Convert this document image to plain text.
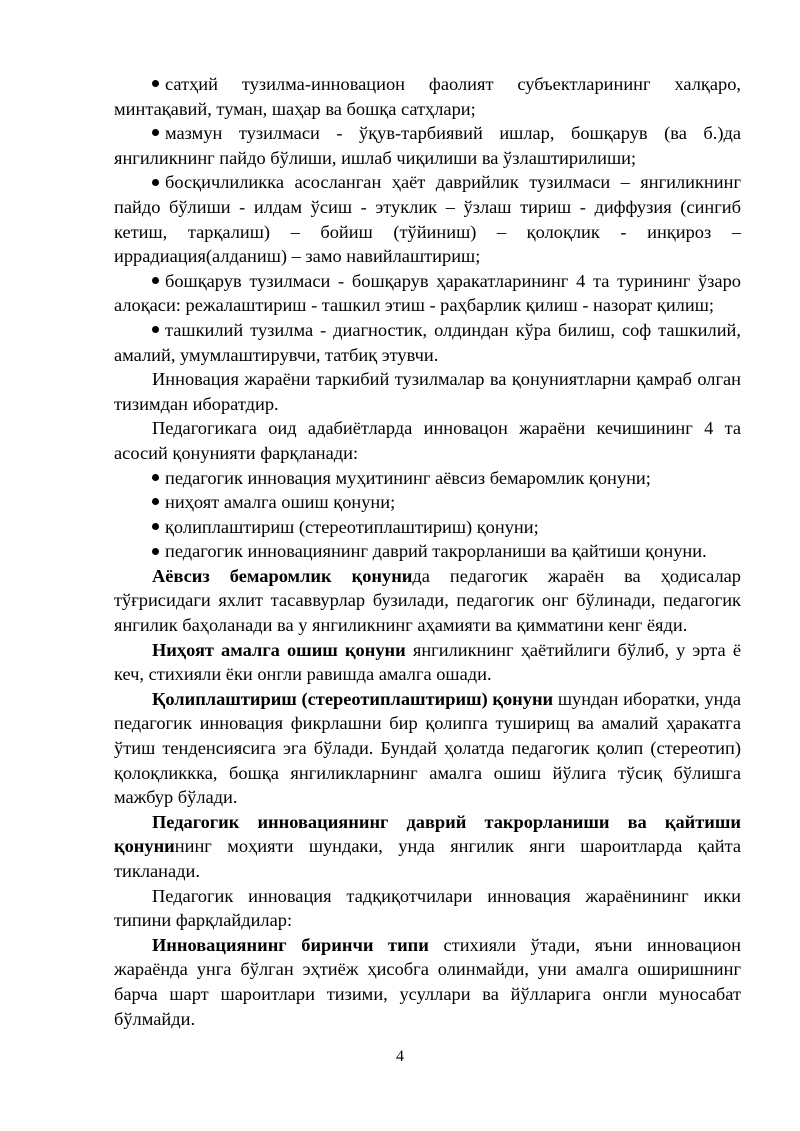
сатҳий тузилма-инновацион фаолият субъектларининг халқаро, минтақавий, туман, шаҳар ва бошқа сатҳлари;

мазмун тузилмаси - ўқув-тарбиявий ишлар, бошқарув (ва б.)да янгиликнинг пайдо бўлиши, ишлаб чиқилиши ва ўзлаштирилиши;

босқичлиликка асосланган ҳаёт даврийлик тузилмаси – янгиликнинг пайдо бўлиши - илдам ўсиш - этуклик – ўзлаш тириш - диффузия (сингиб кетиш, тарқалиш) – бойиш (тўйиниш) – қолоқлик - инқироз – иррадиация(алданиш) – замо навийлаштириш;

бошқарув тузилмаси - бошқарув ҳаракатларининг 4 та турининг ўзаро алоқаси: режалаштириш - ташкил этиш - раҳбарлик қилиш - назорат қилиш;

ташкилий тузилма - диагностик, олдиндан кўра билиш, соф ташкилий, амалий, умумлаштирувчи, татбиқ этувчи.

Инновация жараёни таркибий тузилмалар ва қонуниятларни қамраб олган тизимдан иборатдир.

Педагогикага оид адабиётларда инновацон жараёни кечишининг 4 та асосий қонунияти фарқланади:

педагогик инновация муҳитининг аёвсиз бемаромлик қонуни;

ниҳоят амалга ошиш қонуни;

қолиплаштириш (стереотиплаштириш) қонуни;

педагогик инновациянинг даврий такрорланиши ва қайтиши қонуни.

Аёвсиз бемаромлик қонунида педагогик жараён ва ҳодисалар тўғрисидаги яхлит тасаввурлар бузилади, педагогик онг бўлинади, педагогик янгилик баҳоланади ва у янгиликнинг аҳамияти ва қимматини кенг ёяди.

Ниҳоят амалга ошиш қонуни янгиликнинг ҳаётийлиги бўлиб, у эрта ё кеч, стихияли ёки онгли равишда амалга ошади.

Қолиплаштириш (стереотиплаштириш) қонуни шундан иборатки, унда педагогик инновация фикрлашни бир қолипга туширищ ва амалий ҳаракатга ўтиш тенденсиясига эга бўлади. Бундай ҳолатда педагогик қолип (стереотип) қолоқликкка, бошқа янгиликларнинг амалга ошиш йўлига тўсиқ бўлишга мажбур бўлади.

Педагогик инновациянинг даврий такрорланиши ва қайтиши қонунининг моҳияти шундаки, унда янгилик янги шароитларда қайта тикланади.

Педагогик инновация тадқиқотчилари инновация жараёнининг икки типини фарқлайдилар:

Инновациянинг биринчи типи стихияли ўтади, яъни инновацион жараёнда унга бўлган эҳтиёж ҳисобга олинмайди, уни амалга оширишнинг барча шарт шароитлари тизими, усуллари ва йўлларига онгли муносабат бўлмайди.

4
